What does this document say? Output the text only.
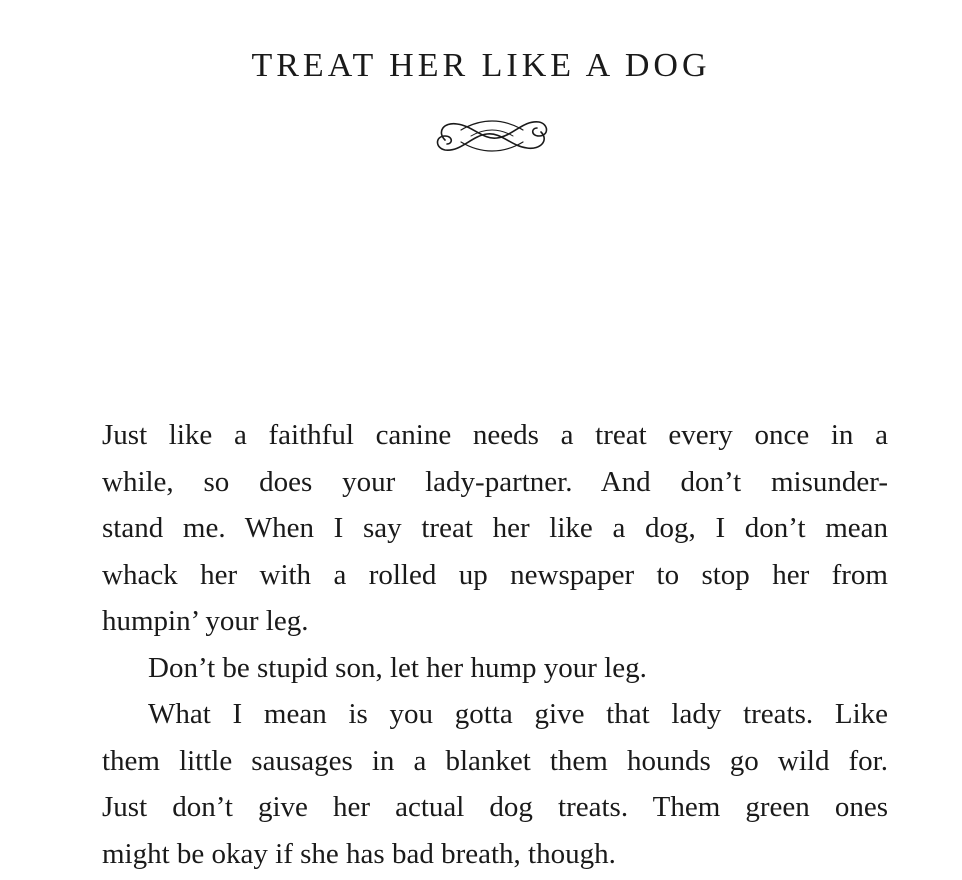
TREAT HER LIKE A DOG
Just like a faithful canine needs a treat every once in a
while, so does your lady-partner. And don’t misunder-
stand me. When I say treat her like a dog, I don’t mean
whack her with a rolled up newspaper to stop her from
humpin’ your leg.
Don’t be stupid son, let her hump your leg.
What I mean is you gotta give that lady treats. Like
them little sausages in a blanket them hounds go wild for.
Just don’t give her actual dog treats. Them green ones
might be okay if she has bad breath, though.
